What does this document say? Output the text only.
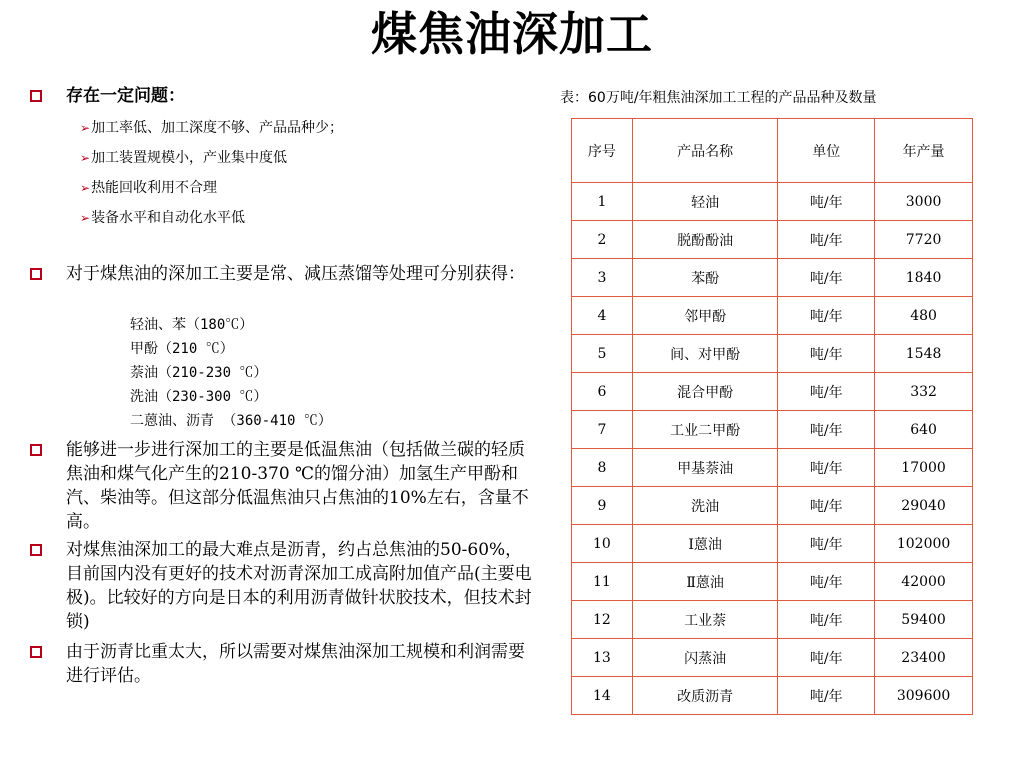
煤焦油深加工
存在一定问题：
➢加工率低、加工深度不够、产品品种少；
➢加工装置规模小，产业集中度低
➢热能回收利用不合理
➢装备水平和自动化水平低
对于煤焦油的深加工主要是常、减压蒸馏等处理可分别获得：
轻油、苯（180℃）
甲酚（210 ℃）
萘油（210-230 ℃）
洗油（230-300 ℃）
二蒽油、沥青 （360-410 ℃）
能够进一步进行深加工的主要是低温焦油（包括做兰碳的轻质焦油和煤气化产生的210-370 ℃的馏分油）加氢生产甲酚和汽、柴油等。但这部分低温焦油只占焦油的10%左右，含量不高。
对煤焦油深加工的最大难点是沥青，约占总焦油的50-60%，目前国内没有更好的技术对沥青深加工成高附加值产品(主要电极)。比较好的方向是日本的利用沥青做针状胶技术，但技术封锁)
由于沥青比重太大，所以需要对煤焦油深加工规模和利润需要进行评估。
表：60万吨/年粗焦油深加工工程的产品品种及数量
序号	产品名称	单位	年产量
1	轻油	吨/年	3000
2	脱酚酚油	吨/年	7720
3	苯酚	吨/年	1840
4	邻甲酚	吨/年	480
5	间、对甲酚	吨/年	1548
6	混合甲酚	吨/年	332
7	工业二甲酚	吨/年	640
8	甲基萘油	吨/年	17000
9	洗油	吨/年	29040
10	Ⅰ蒽油	吨/年	102000
11	Ⅱ蒽油	吨/年	42000
12	工业萘	吨/年	59400
13	闪蒸油	吨/年	23400
14	改质沥青	吨/年	309600
